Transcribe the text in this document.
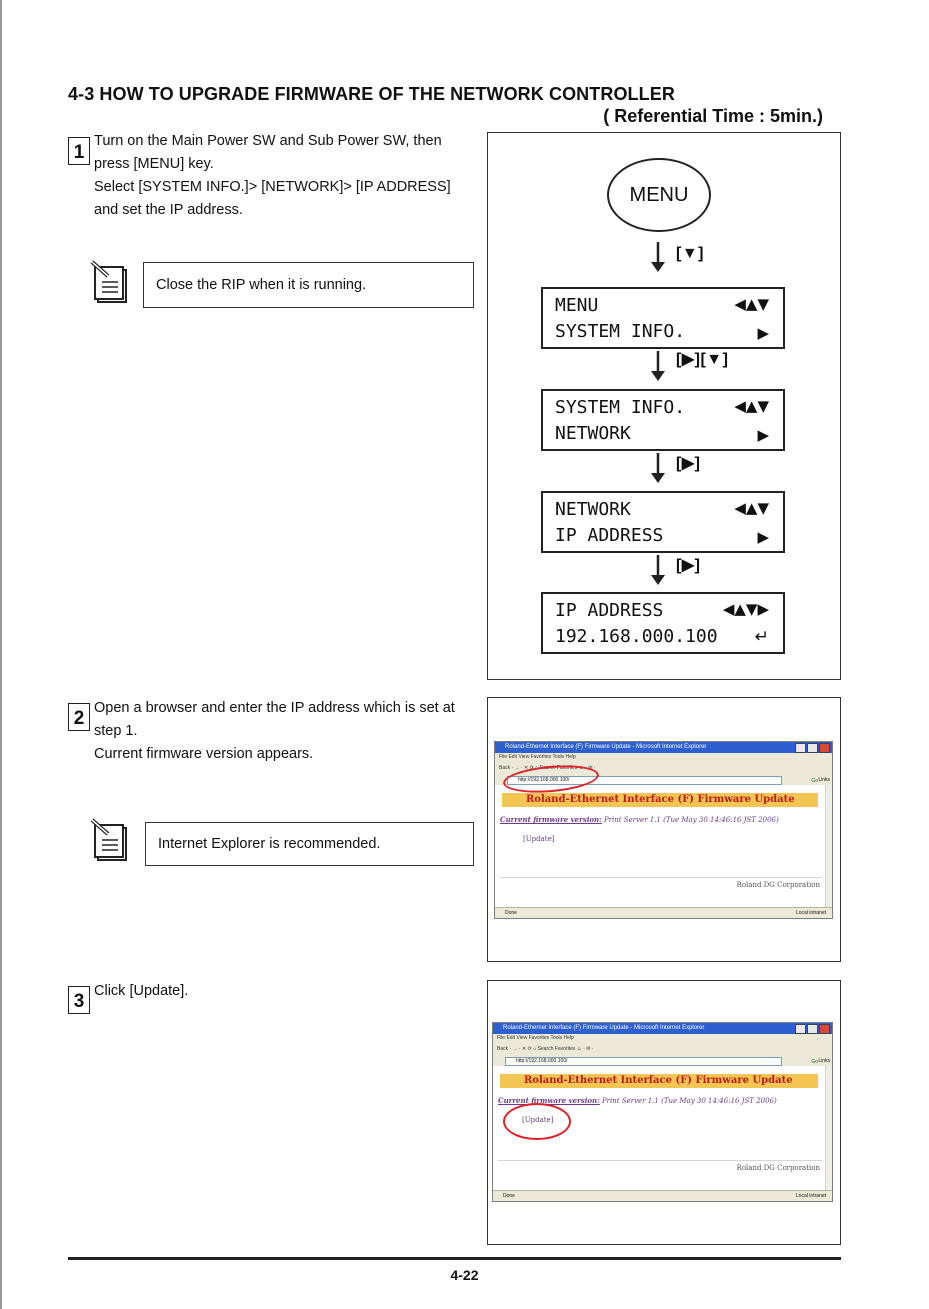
4-3 HOW TO UPGRADE FIRMWARE OF THE NETWORK CONTROLLER
( Referential Time : 5min.)
1
Turn on the Main Power SW and Sub Power SW, then
press [MENU] key.
Select [SYSTEM INFO.]> [NETWORK]> [IP ADDRESS]
and set the IP address.
Close the RIP when it is running.
MENU
[▼]
MENU
SYSTEM INFO.
◀▲▼
▶
[▶][▼]
SYSTEM INFO.
NETWORK
◀▲▼
▶
[▶]
NETWORK
IP ADDRESS
◀▲▼
▶
[▶]
IP ADDRESS
192.168.000.100
◀▲▼▶
↵
2 Open a browser and enter the IP address which is set at
step 1.
Current firmware version appears.
Internet Explorer is recommended.
Roland-Ethernet Interface (F) Firmware Update - Microsoft Internet Explorer
File Edit View Favorites Tools Help
Back · → · ✕ ⟳ ⌂ Search Favorites ☺ · ✉ ·
http://192.168.000.100/	Go Links
Roland-Ethernet Interface (F) Firmware Update
Current firmware version: Print Server 1.1 (Tue May 30 14:46:16 JST 2006)
[Update]
Roland DG Corporation
Done	Local intranet
3 Click [Update].
Roland-Ethernet Interface (F) Firmware Update - Microsoft Internet Explorer
File Edit View Favorites Tools Help
Back · → · ✕ ⟳ ⌂ Search Favorites ☺ · ✉ ·
http://192.168.000.100/	Go Links
Roland-Ethernet Interface (F) Firmware Update
Current firmware version: Print Server 1.1 (Tue May 30 14:46:16 JST 2006)
[Update]
Roland DG Corporation
Done	Local intranet
4-22
